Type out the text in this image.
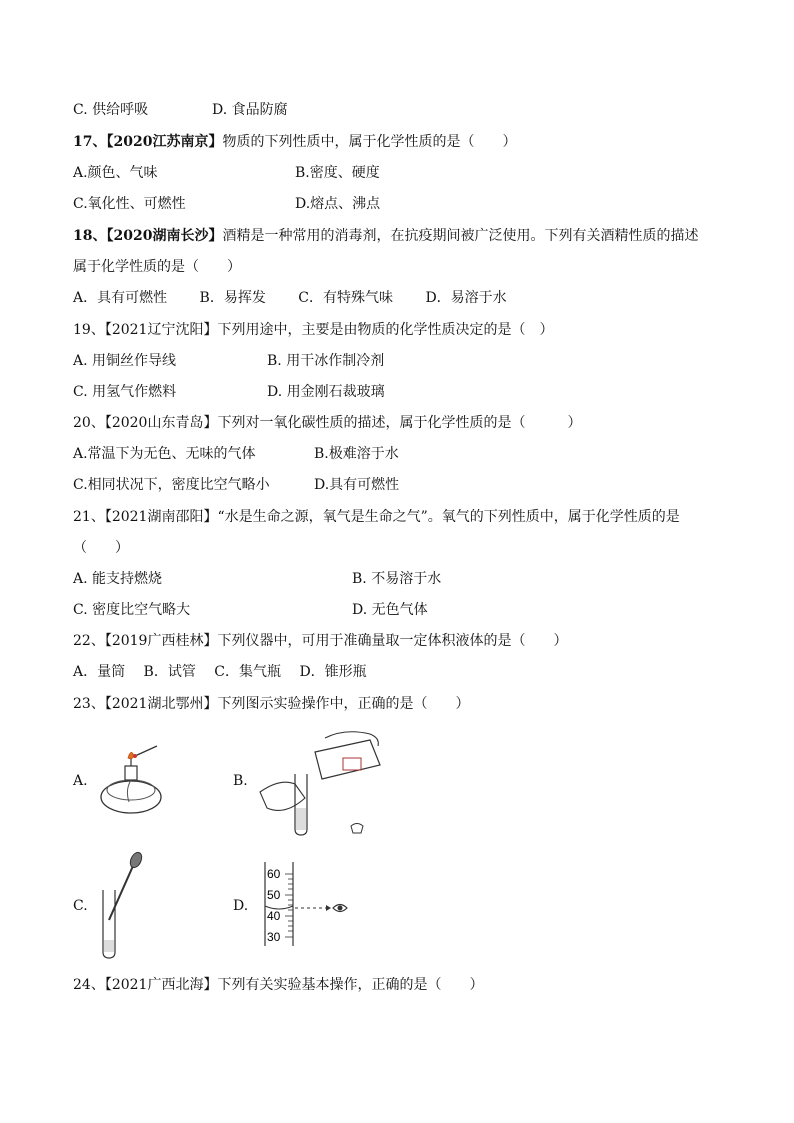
C. 供给呼吸	D. 食品防腐
17、【2020江苏南京】物质的下列性质中，属于化学性质的是（　　）
A.颜色、气味	B.密度、硬度
C.氧化性、可燃性	D.熔点、沸点
18、【2020湖南长沙】酒精是一种常用的消毒剂，在抗疫期间被广泛使用。下列有关酒精性质的描述
属于化学性质的是（　　）
A．具有可燃性　　 B．易挥发　　 C．有特殊气味　　 D．易溶于水
19、【2021辽宁沈阳】下列用途中，主要是由物质的化学性质决定的是（　）
A. 用铜丝作导线	B. 用干冰作制冷剂
C. 用氢气作燃料	D. 用金刚石裁玻璃
20、【2020山东青岛】下列对一氧化碳性质的描述，属于化学性质的是（　　　）
A.常温下为无色、无味的气体	B.极难溶于水
C.相同状况下，密度比空气略小	D.具有可燃性
21、【2021湖南邵阳】“水是生命之源，氧气是生命之气”。氧气的下列性质中，属于化学性质的是
（　　）
A. 能支持燃烧	B. 不易溶于水
C. 密度比空气略大	D. 无色气体
22、【2019广西桂林】下列仪器中，可用于准确量取一定体积液体的是（　　）
A．量筒　 B．试管　 C．集气瓶　 D．锥形瓶
23、【2021湖北鄂州】下列图示实验操作中，正确的是（　　）
A.	B.
C.	D.
60
50
40
30
24、【2021广西北海】下列有关实验基本操作，正确的是（　　）
